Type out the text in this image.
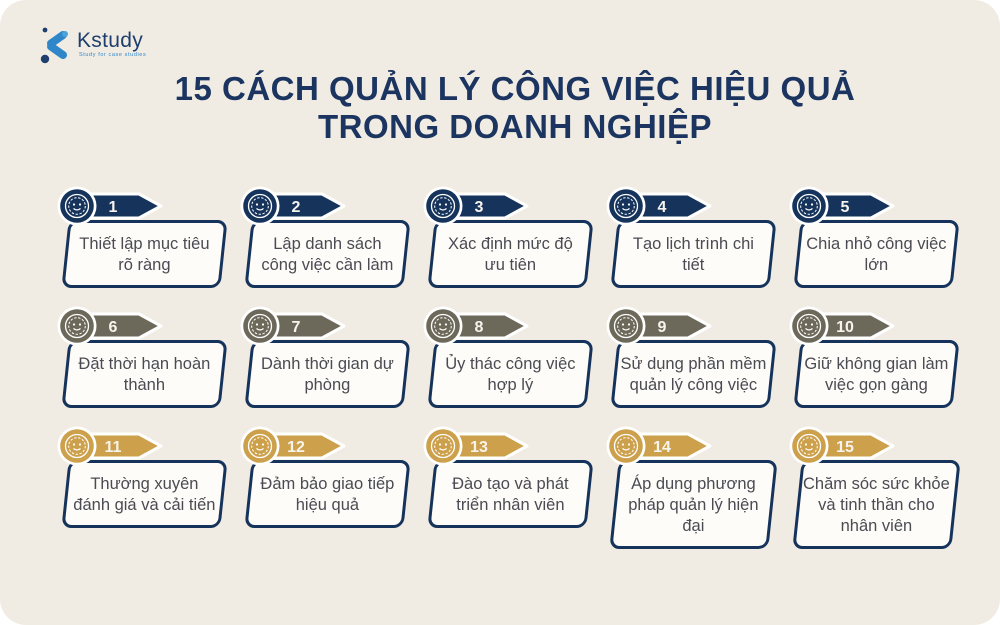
Kstudy
Study for case studies
15 CÁCH QUẢN LÝ CÔNG VIỆC HIỆU QUẢ
TRONG DOANH NGHIỆP
1
Thiết lập mục tiêu rõ ràng
2
Lập danh sách công việc cần làm
3
Xác định mức độ ưu tiên
4
Tạo lịch trình chi tiết
5
Chia nhỏ công việc lớn
6
Đặt thời hạn hoàn thành
7
Dành thời gian dự phòng
8
Ủy thác công việc hợp lý
9
Sử dụng phần mềm quản lý công việc
10
Giữ không gian làm việc gọn gàng
11
Thường xuyên đánh giá và cải tiến
12
Đảm bảo giao tiếp hiệu quả
13
Đào tạo và phát triển nhân viên
14
Áp dụng phương pháp quản lý hiện đại
15
Chăm sóc sức khỏe và tinh thần cho nhân viên
